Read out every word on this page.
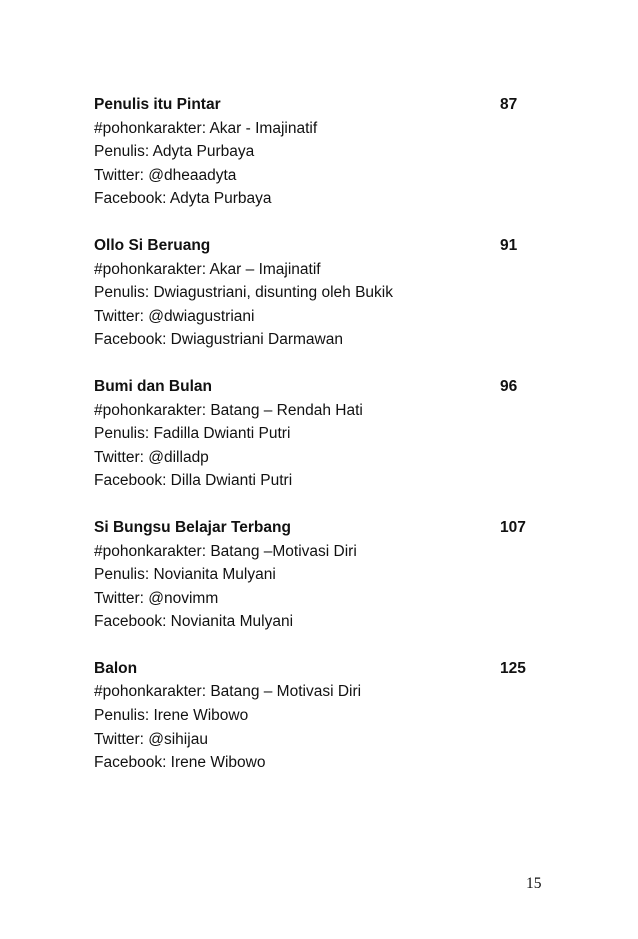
Penulis itu Pintar	87
#pohonkarakter: Akar - Imajinatif
Penulis: Adyta Purbaya
Twitter: @dheaadyta
Facebook: Adyta Purbaya
Ollo Si Beruang	91
#pohonkarakter: Akar – Imajinatif
Penulis: Dwiagustriani, disunting oleh Bukik
Twitter: @dwiagustriani
Facebook: Dwiagustriani Darmawan
Bumi dan Bulan	96
#pohonkarakter: Batang – Rendah Hati
Penulis: Fadilla Dwianti Putri
Twitter: @dilladp
Facebook: Dilla Dwianti Putri
Si Bungsu Belajar Terbang	107
#pohonkarakter: Batang –Motivasi Diri
Penulis: Novianita Mulyani
Twitter: @novimm
Facebook: Novianita Mulyani
Balon	125
#pohonkarakter: Batang – Motivasi Diri
Penulis: Irene Wibowo
Twitter: @sihijau
Facebook: Irene Wibowo
15
